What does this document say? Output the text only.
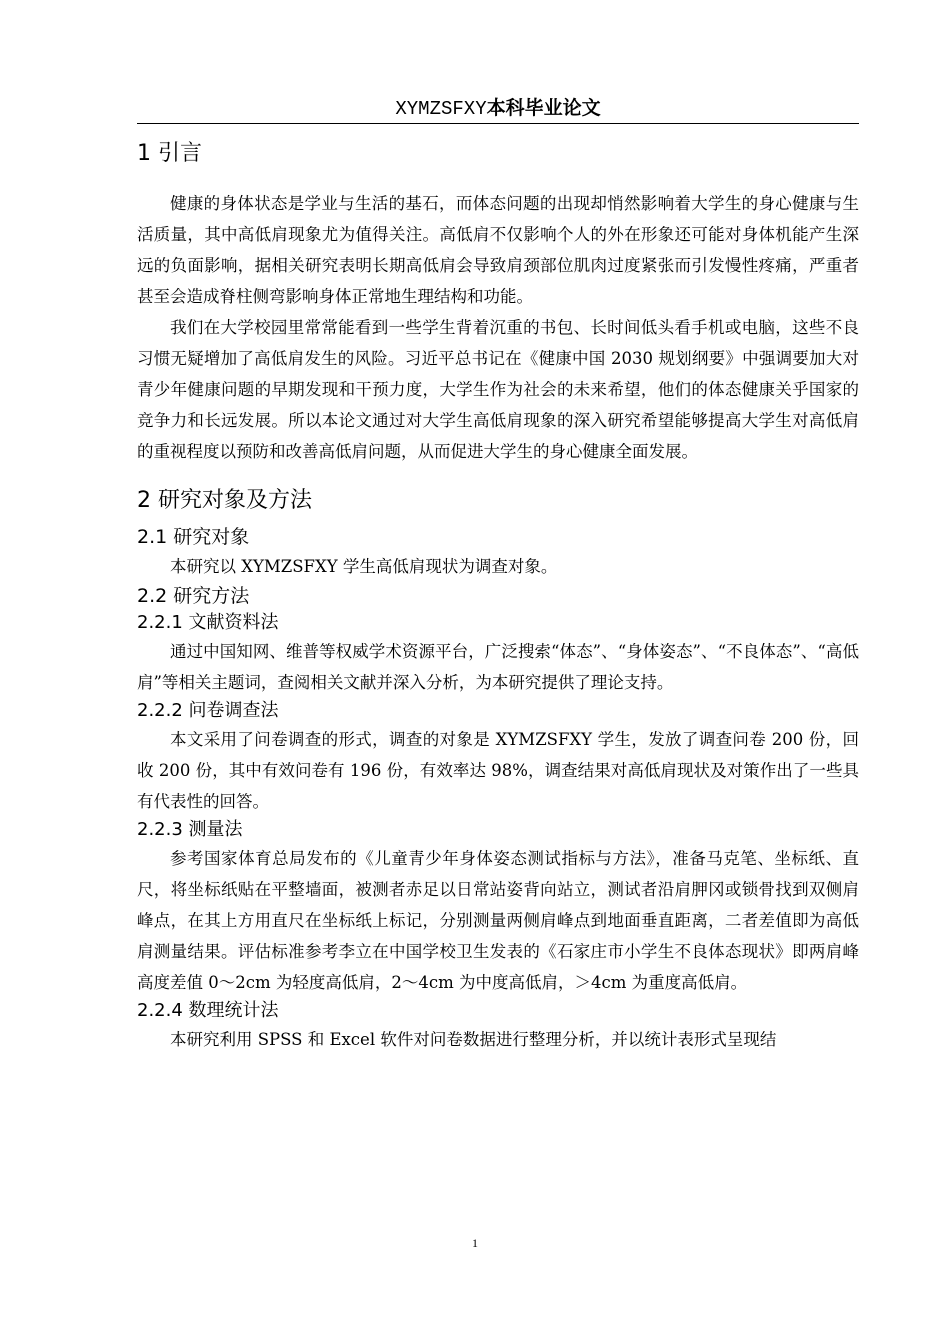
XYMZSFXY本科毕业论文
1 引言

健康的身体状态是学业与生活的基石，而体态问题的出现却悄然影响着大学生的身心健康与生活质量，其中高低肩现象尤为值得关注。高低肩不仅影响个人的外在形象还可能对身体机能产生深远的负面影响，据相关研究表明长期高低肩会导致肩颈部位肌肉过度紧张而引发慢性疼痛，严重者甚至会造成脊柱侧弯影响身体正常地生理结构和功能。

我们在大学校园里常常能看到一些学生背着沉重的书包、长时间低头看手机或电脑，这些不良习惯无疑增加了高低肩发生的风险。习近平总书记在《健康中国 2030 规划纲要》中强调要加大对青少年健康问题的早期发现和干预力度，大学生作为社会的未来希望，他们的体态健康关乎国家的竞争力和长远发展。所以本论文通过对大学生高低肩现象的深入研究希望能够提高大学生对高低肩的重视程度以预防和改善高低肩问题，从而促进大学生的身心健康全面发展。

2 研究对象及方法
2.1 研究对象

本研究以 XYMZSFXY 学生高低肩现状为调查对象。

2.2 研究方法
2.2.1 文献资料法

通过中国知网、维普等权威学术资源平台，广泛搜索“体态”、“身体姿态”、“不良体态”、“高低肩”等相关主题词，查阅相关文献并深入分析，为本研究提供了理论支持。

2.2.2 问卷调查法

本文采用了问卷调查的形式，调查的对象是 XYMZSFXY 学生，发放了调查问卷 200 份，回收 200 份，其中有效问卷有 196 份，有效率达 98%，调查结果对高低肩现状及对策作出了一些具有代表性的回答。

2.2.3 测量法

参考国家体育总局发布的《儿童青少年身体姿态测试指标与方法》，准备马克笔、坐标纸、直尺，将坐标纸贴在平整墙面，被测者赤足以日常站姿背向站立，测试者沿肩胛冈或锁骨找到双侧肩峰点，在其上方用直尺在坐标纸上标记，分别测量两侧肩峰点到地面垂直距离，二者差值即为高低肩测量结果。评估标准参考李立在中国学校卫生发表的《石家庄市小学生不良体态现状》即两肩峰高度差值 0～2cm 为轻度高低肩，2～4cm 为中度高低肩，＞4cm 为重度高低肩。

2.2.4 数理统计法

本研究利用 SPSS 和 Excel 软件对问卷数据进行整理分析，并以统计表形式呈现结

1
